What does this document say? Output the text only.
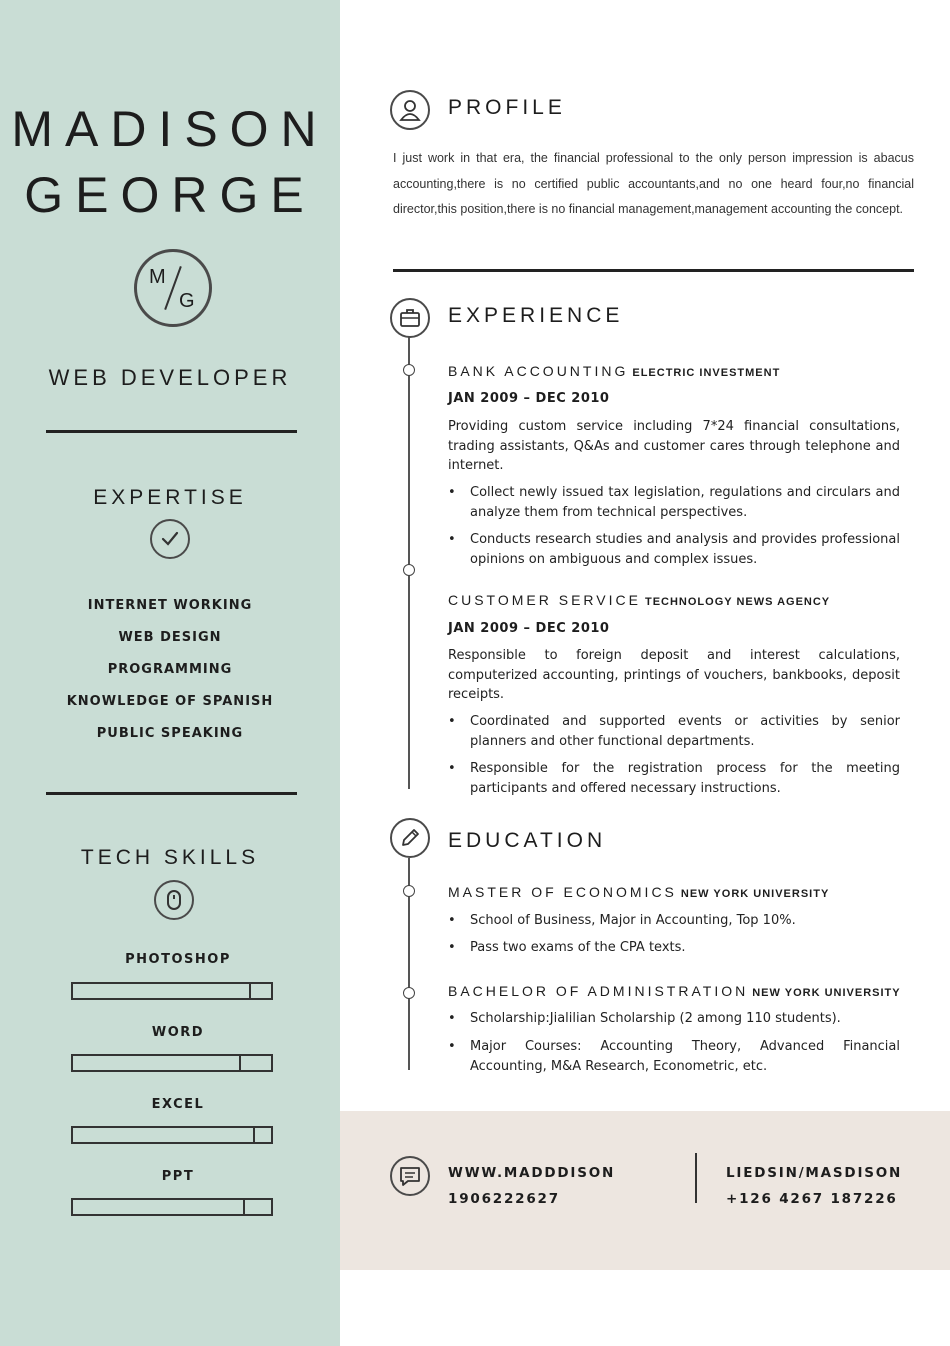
MADISON
GEORGE
M
G
WEB DEVELOPER
EXPERTISE
INTERNET WORKING
WEB DESIGN
PROGRAMMING
KNOWLEDGE OF SPANISH
PUBLIC SPEAKING
TECH SKILLS
PHOTOSHOP
WORD
EXCEL
PPT
PROFILE
I just work in that era, the financial professional to the only person impression is abacus accounting,there is no certified public accountants,and no one heard four,no financial director,this position,there is no financial management,management accounting the concept.
EXPERIENCE
BANK ACCOUNTING ELECTRIC INVESTMENT
JAN 2009 – DEC 2010
Providing custom service including 7*24 financial consultations, trading assistants, Q&As and customer cares through telephone and internet.
• Collect newly issued tax legislation, regulations and circulars and analyze them from technical perspectives.
• Conducts research studies and analysis and provides professional opinions on ambiguous and complex issues.
CUSTOMER SERVICE TECHNOLOGY NEWS AGENCY
JAN 2009 – DEC 2010
Responsible to foreign deposit and interest calculations, computerized accounting, printings of vouchers, bankbooks, deposit receipts.
• Coordinated and supported events or activities by senior planners and other functional departments.
• Responsible for the registration process for the meeting participants and offered necessary instructions.
EDUCATION
MASTER OF ECONOMICS NEW YORK UNIVERSITY
• School of Business, Major in Accounting, Top 10%.
• Pass two exams of the CPA texts.
BACHELOR OF ADMINISTRATION NEW YORK UNIVERSITY
• Scholarship:Jialilian Scholarship (2 among 110 students).
• Major Courses: Accounting Theory, Advanced Financial Accounting, M&A Research, Econometric, etc.
WWW.MADDDISON
1906222627
LIEDSIN/MASDISON
+126 4267 187226
